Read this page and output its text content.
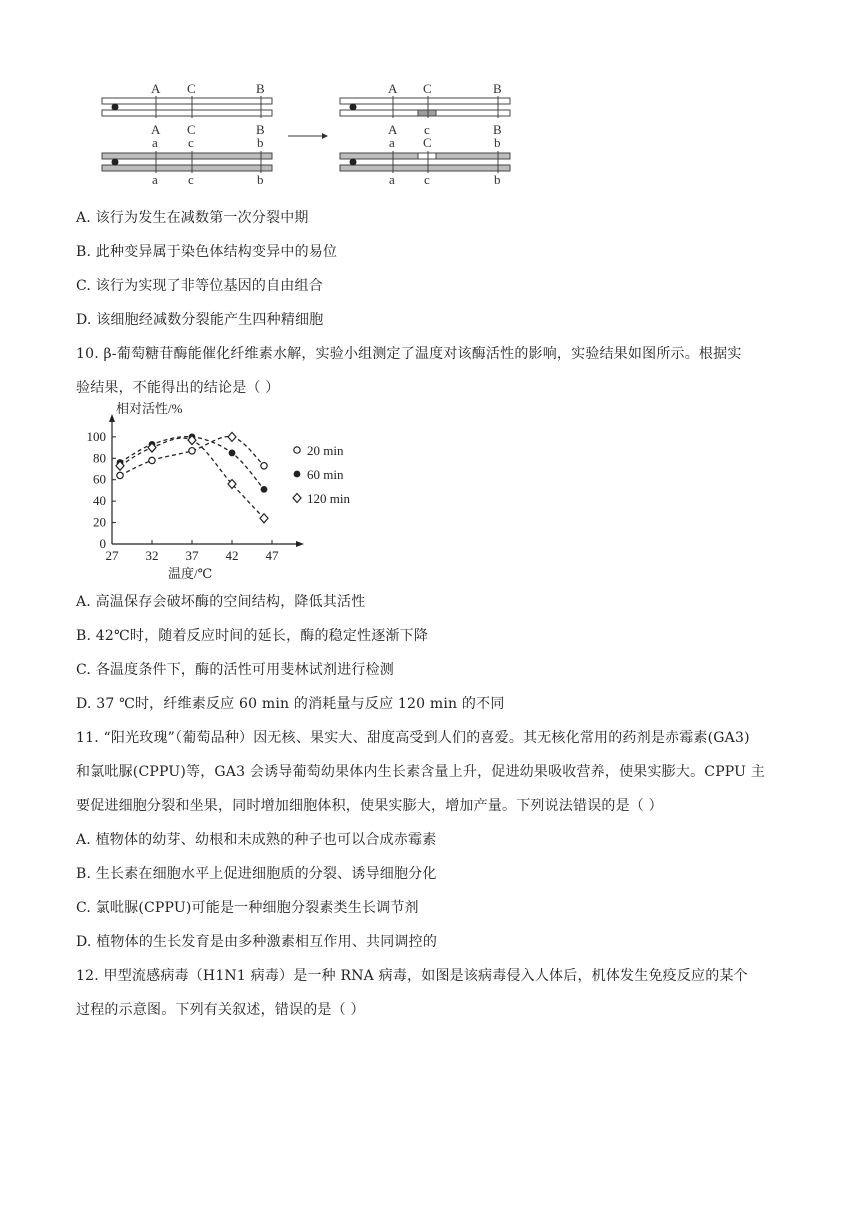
A C	B
A C	B
a c	b
a c	b
A C	B
A c	B
a C	b
a c	b
A. 该行为发生在减数第一次分裂中期
B. 此种变异属于染色体结构变异中的易位
C. 该行为实现了非等位基因的自由组合
D. 该细胞经减数分裂能产生四种精细胞
10. β-葡萄糖苷酶能催化纤维素水解，实验小组测定了温度对该酶活性的影响，实验结果如图所示。根据实
验结果，不能得出的结论是（ ）
相对活性/%
温度/℃
0
20
40
60
80
100
27 32 37 42 47
20 min
60 min
120 min
A. 高温保存会破坏酶的空间结构，降低其活性
B. 42℃时，随着反应时间的延长，酶的稳定性逐渐下降
C. 各温度条件下，酶的活性可用斐林试剂进行检测
D. 37 ℃时，纤维素反应 60 min 的消耗量与反应 120 min 的不同
11. “阳光玫瑰”（葡萄品种）因无核、果实大、甜度高受到人们的喜爱。其无核化常用的药剂是赤霉素(GA3)
和氯吡脲(CPPU)等，GA3 会诱导葡萄幼果体内生长素含量上升，促进幼果吸收营养，使果实膨大。CPPU 主
要促进细胞分裂和坐果，同时增加细胞体积，使果实膨大，增加产量。下列说法错误的是（ ）
A. 植物体的幼芽、幼根和未成熟的种子也可以合成赤霉素
B. 生长素在细胞水平上促进细胞质的分裂、诱导细胞分化
C. 氯吡脲(CPPU)可能是一种细胞分裂素类生长调节剂
D. 植物体的生长发育是由多种激素相互作用、共同调控的
12. 甲型流感病毒（H1N1 病毒）是一种 RNA 病毒，如图是该病毒侵入人体后，机体发生免疫反应的某个
过程的示意图。下列有关叙述，错误的是（ ）
